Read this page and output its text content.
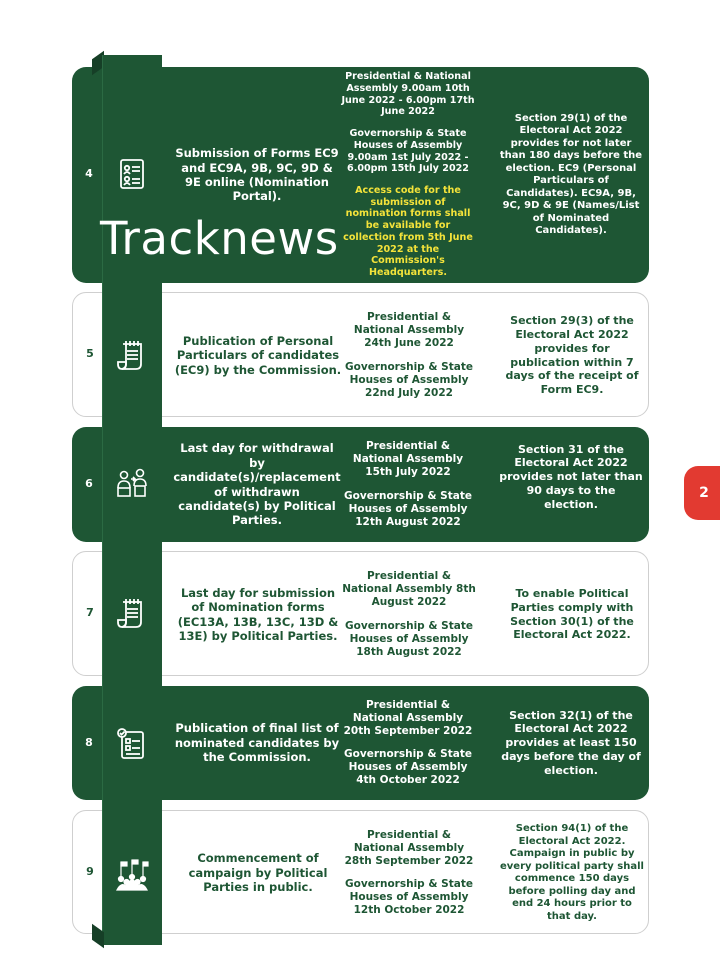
4
Submission of Forms EC9 and EC9A, 9B, 9C, 9D & 9E online (Nomination Portal).
Presidential & National Assembly 9.00am 10th June 2022 - 6.00pm 17th June 2022
Governorship & State Houses of Assembly 9.00am 1st July 2022 - 6.00pm 15th July 2022
Access code for the submission of nomination forms shall be available for collection from 5th June 2022 at the Commission's Headquarters.
Section 29(1) of the Electoral Act 2022 provides for not later than 180 days before the election. EC9 (Personal Particulars of Candidates). EC9A, 9B, 9C, 9D & 9E (Names/List of Nominated Candidates).
5
Publication of Personal Particulars of candidates (EC9) by the Commission.
Presidential & National Assembly 24th June 2022
Governorship & State Houses of Assembly 22nd July 2022
Section 29(3) of the Electoral Act 2022 provides for publication within 7 days of the receipt of Form EC9.
6
Last day for withdrawal by candidate(s)/replacement of withdrawn candidate(s) by Political Parties.
Presidential & National Assembly 15th July 2022
Governorship & State Houses of Assembly 12th August 2022
Section 31 of the Electoral Act 2022 provides not later than 90 days to the election.
7
Last day for submission of Nomination forms (EC13A, 13B, 13C, 13D & 13E) by Political Parties.
Presidential & National Assembly 8th August 2022
Governorship & State Houses of Assembly 18th August 2022
To enable Political Parties comply with Section 30(1) of the Electoral Act 2022.
8
Publication of final list of nominated candidates by the Commission.
Presidential & National Assembly 20th September 2022
Governorship & State Houses of Assembly 4th October 2022
Section 32(1) of the Electoral Act 2022 provides at least 150 days before the day of election.
9
Commencement of campaign by Political Parties in public.
Presidential & National Assembly 28th September 2022
Governorship & State Houses of Assembly 12th October 2022
Section 94(1) of the Electoral Act 2022. Campaign in public by every political party shall commence 150 days before polling day and end 24 hours prior to that day.
Tracknews
2
